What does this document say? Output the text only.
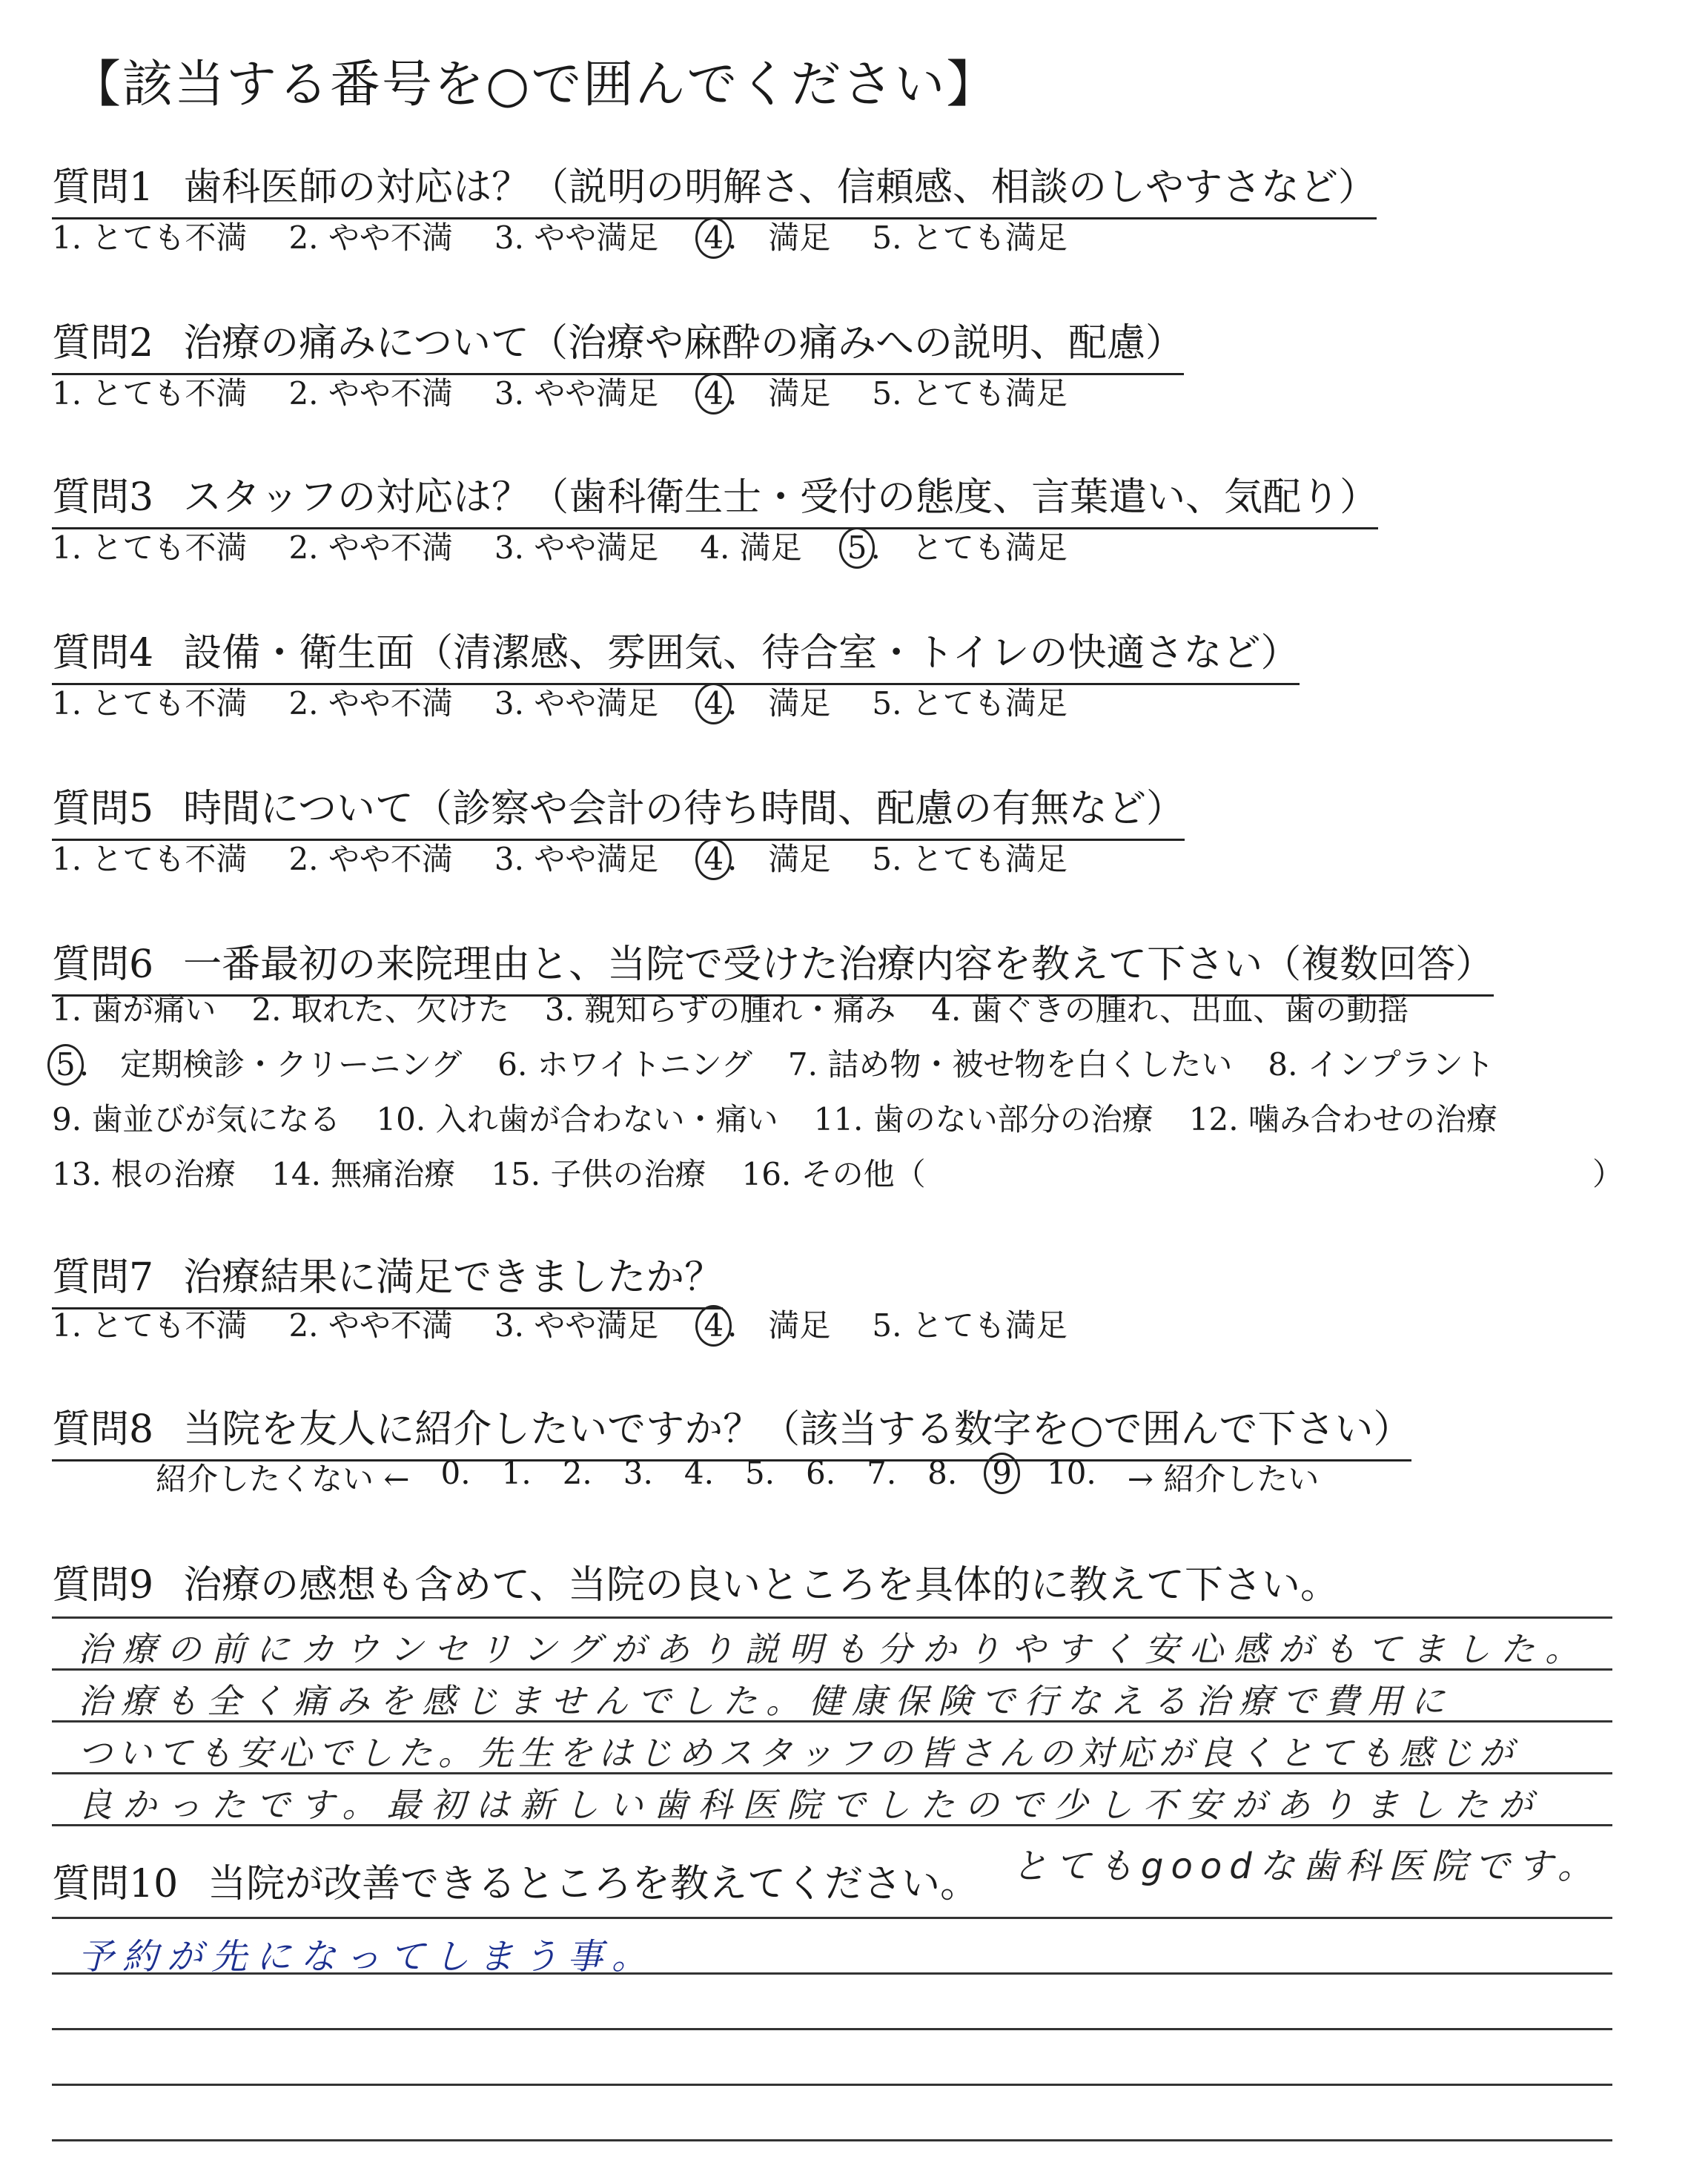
【該当する番号を○で囲んでください】
質問1 歯科医師の対応は？（説明の明解さ、信頼感、相談のしやすさなど）
1. とても不満 2. やや不満 3. やや満足 4 .　満足 5. とても満足
質問2 治療の痛みについて（治療や麻酔の痛みへの説明、配慮）
1. とても不満 2. やや不満 3. やや満足 4 .　満足 5. とても満足
質問3 スタッフの対応は？（歯科衛生士・受付の態度、言葉遣い、気配り）
1. とても不満 2. やや不満 3. やや満足 4. 満足 5 .　とても満足
質問4 設備・衛生面（清潔感、雰囲気、待合室・トイレの快適さなど）
1. とても不満 2. やや不満 3. やや満足 4 .　満足 5. とても満足
質問5 時間について（診察や会計の待ち時間、配慮の有無など）
1. とても不満 2. やや不満 3. やや満足 4 .　満足 5. とても満足
質問6 一番最初の来院理由と、当院で受けた治療内容を教えて下さい（複数回答）
1. 歯が痛い 2. 取れた、欠けた 3. 親知らずの腫れ・痛み 4. 歯ぐきの腫れ、出血、歯の動揺
5 .　定期検診・クリーニング 6. ホワイトニング 7. 詰め物・被せ物を白くしたい 8. インプラント
9. 歯並びが気になる 10. 入れ歯が合わない・痛い 11. 歯のない部分の治療 12. 噛み合わせの治療
13. 根の治療 14. 無痛治療 15. 子供の治療 16. その他（	）
質問7 治療結果に満足できましたか？
1. とても不満 2. やや不満 3. やや満足 4 .　満足 5. とても満足
質問8 当院を友人に紹介したいですか？（該当する数字を○で囲んで下さい）
紹介したくない ← 0. 1. 2. 3. 4. 5. 6. 7. 8. 9 10. → 紹介したい
質問9 治療の感想も含めて、当院の良いところを具体的に教えて下さい。
治療の前にカウンセリングがあり説明も分かりやすく安心感がもてました。
治療も全く痛みを感じませんでした。健康保険で行なえる治療で費用に
ついても安心でした。先生をはじめスタッフの皆さんの対応が良くとても感じが
良かったです。最初は新しい歯科医院でしたので少し不安がありましたが
とてもgoodな歯科医院です。
質問10 当院が改善できるところを教えてください。
予約が先になってしまう事。
